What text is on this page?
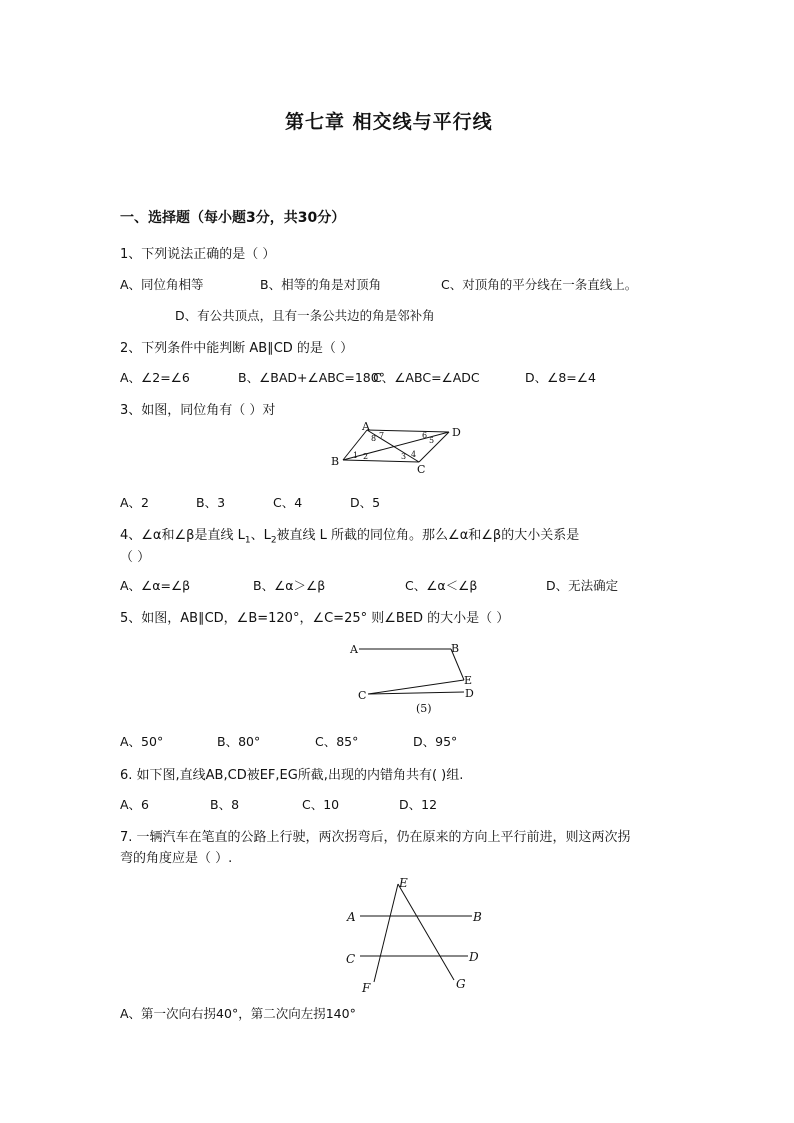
第七章 相交线与平行线
一、选择题（每小题3分，共30分）
1、下列说法正确的是（ ）
A、同位角相等	B、相等的角是对顶角	C、对顶角的平分线在一条直线上。
D、有公共顶点，且有一条公共边的角是邻补角
2、下列条件中能判断 AB∥CD 的是（ ）
A、∠2=∠6	B、∠BAD+∠ABC=180°
C、∠ABC=∠ADC	D、∠8=∠4
3、如图，同位角有（ ）对
A
B
C
D
1 2	3 4
5
6
7
8
A、2	B、3	C、4	D、5
4、∠α和∠β是直线 $L_1$、$L_2$被直线 L 所截的同位角。那么∠α和∠β的大小关系是
（ ）
A、∠α=∠β	B、∠α＞∠β	C、∠α＜∠β	D、无法确定
5、如图，AB∥CD，∠B=120°，∠C=25° 则∠BED 的大小是（ ）
A	B
C	D
E
(5)
A、50°	B、80°	C、85°	D、95°
6. 如下图,直线AB,CD被EF,EG所截,出现的内错角共有( )组.
A、6	B、8	C、10	D、12
7. 一辆汽车在笔直的公路上行驶，两次拐弯后，仍在原来的方向上平行前进，则这两次拐
弯的角度应是（ ）.
E
A	B
C	D
F	G
A、第一次向右拐40°，第二次向左拐140°
